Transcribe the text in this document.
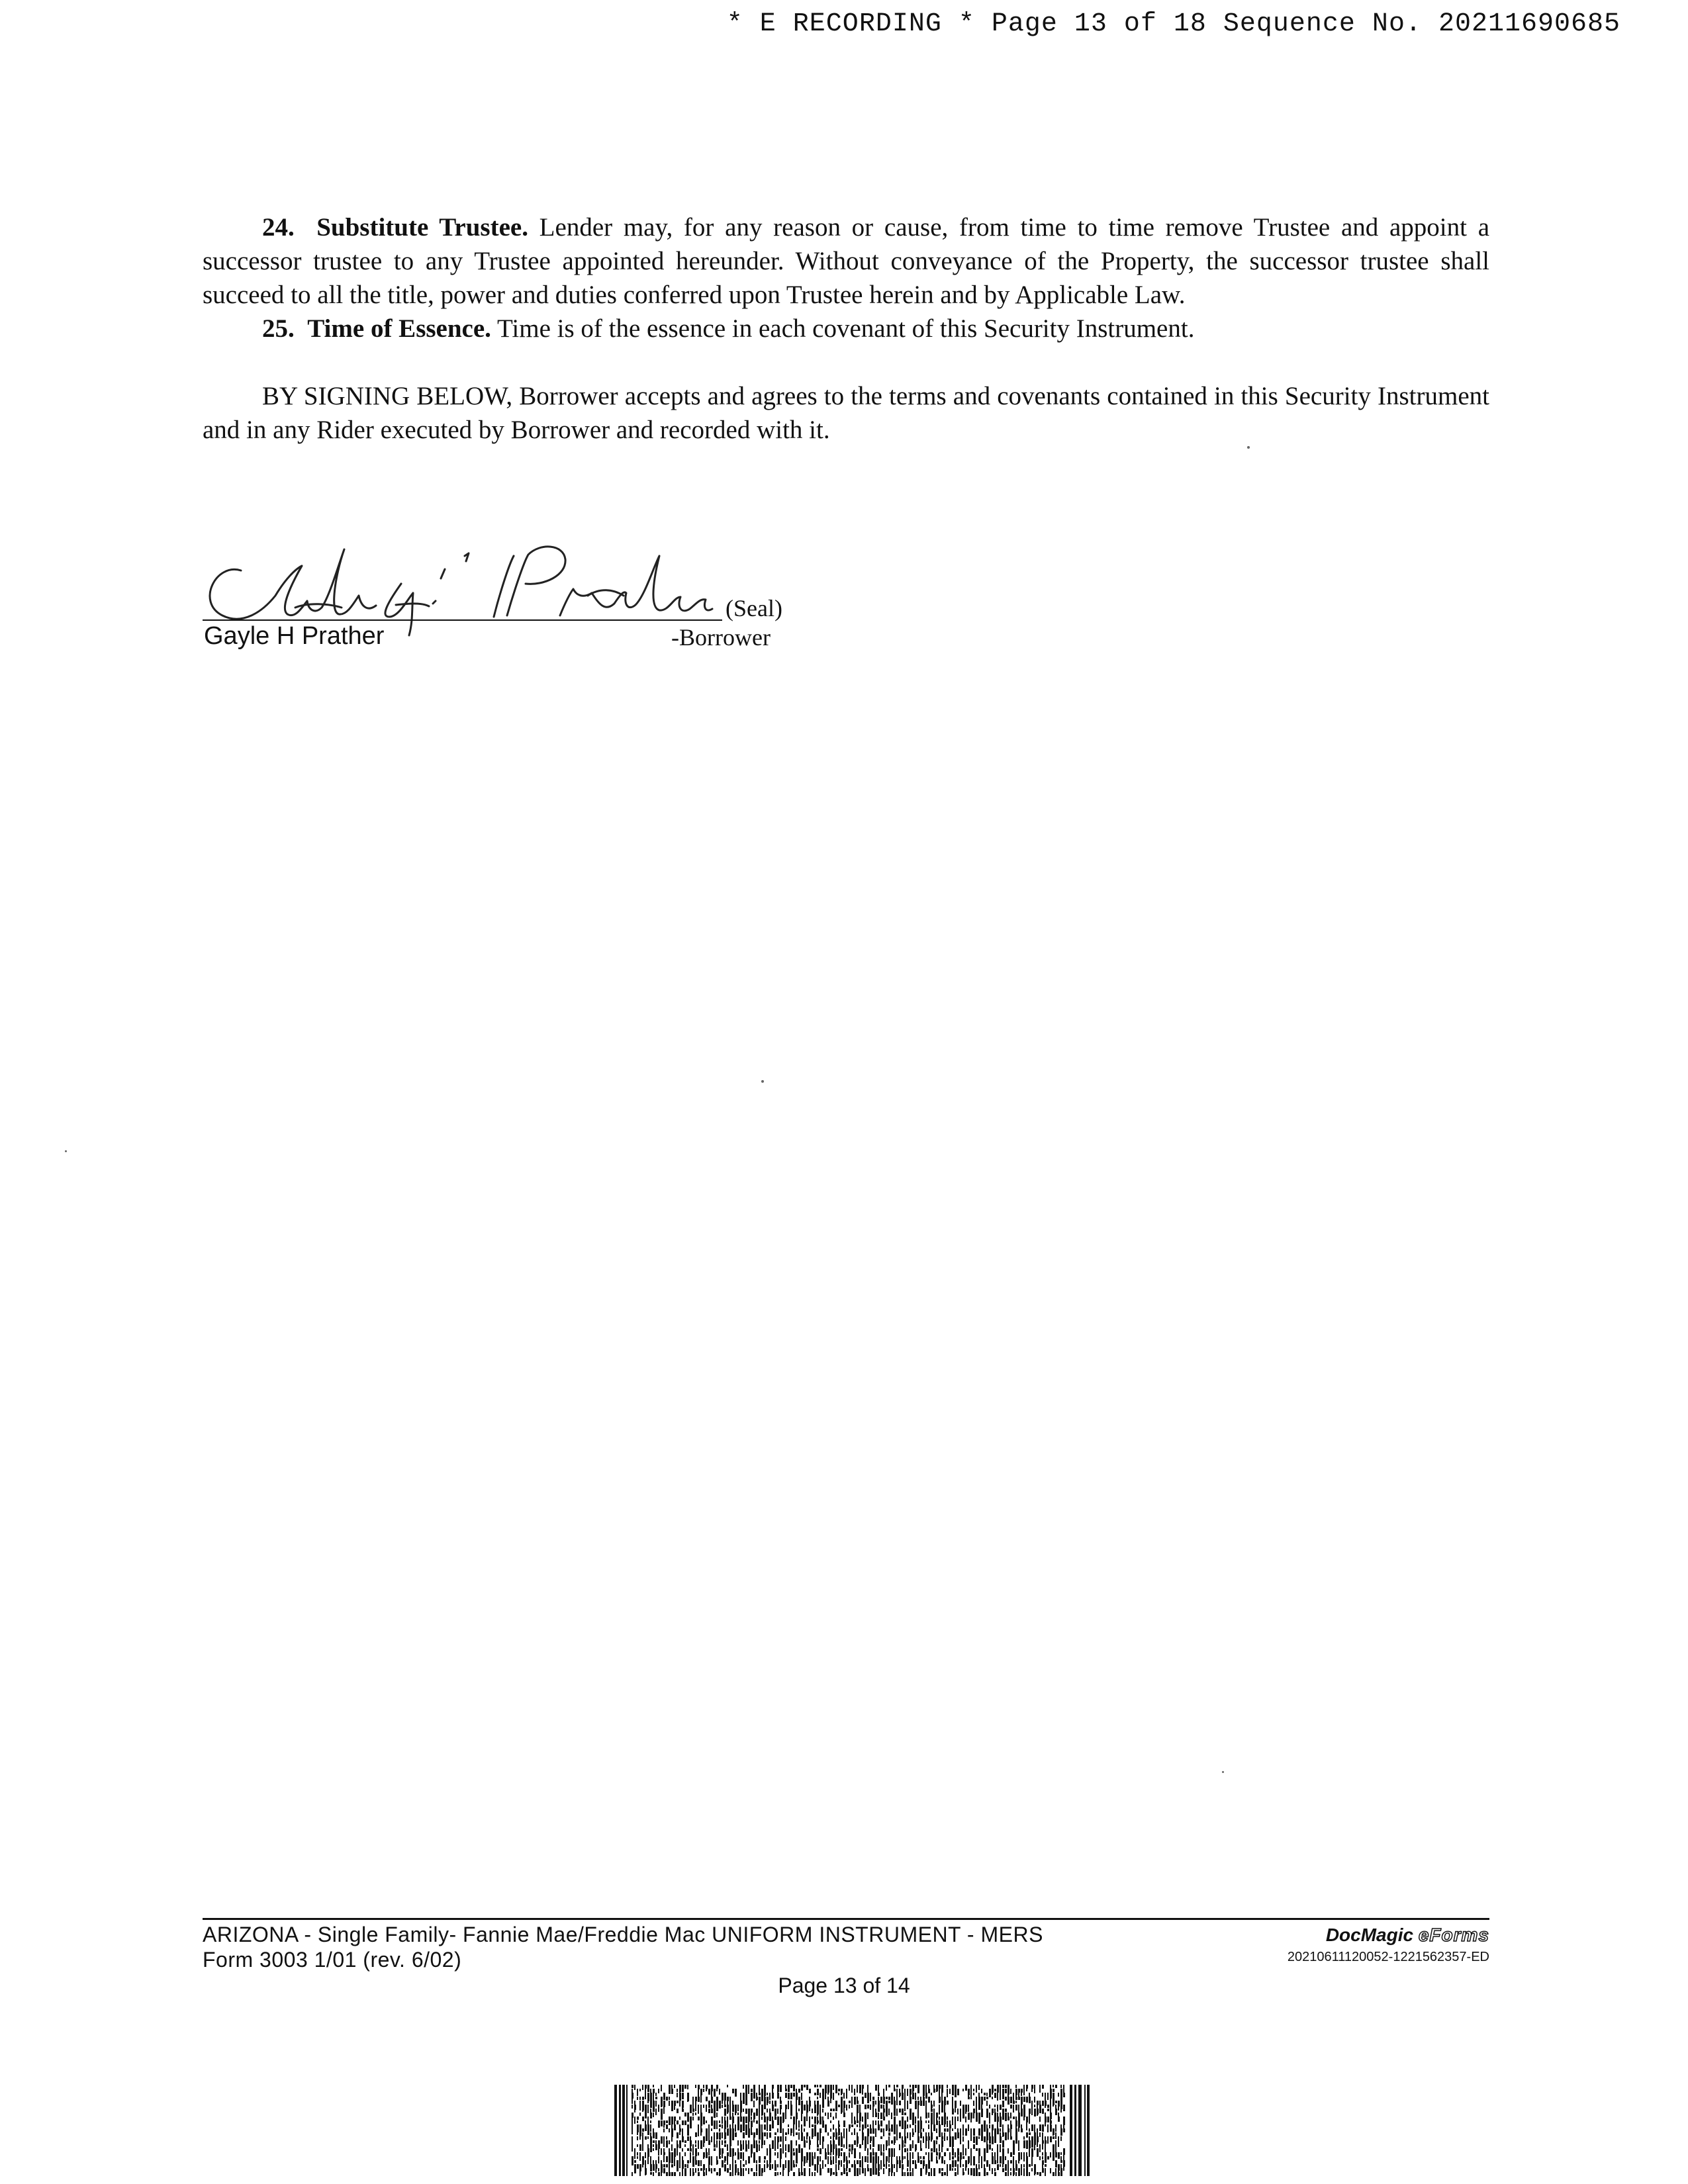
* E RECORDING * Page 13 of 18 Sequence No. 20211690685

24. Substitute Trustee. Lender may, for any reason or cause, from time to time remove Trustee and appoint a successor trustee to any Trustee appointed hereunder. Without conveyance of the Property, the successor trustee shall succeed to all the title, power and duties conferred upon Trustee herein and by Applicable Law.

25. Time of Essence. Time is of the essence in each covenant of this Security Instrument.

BY SIGNING BELOW, Borrower accepts and agrees to the terms and covenants contained in this Security Instrument and in any Rider executed by Borrower and recorded with it.

(Seal)
Gayle H Prather	-Borrower
ARIZONA - Single Family- Fannie Mae/Freddie Mac UNIFORM INSTRUMENT - MERS
Form 3003 1/01 (rev. 6/02)
DocMagic eForms
20210611120052-1221562357-ED
Page 13 of 14
